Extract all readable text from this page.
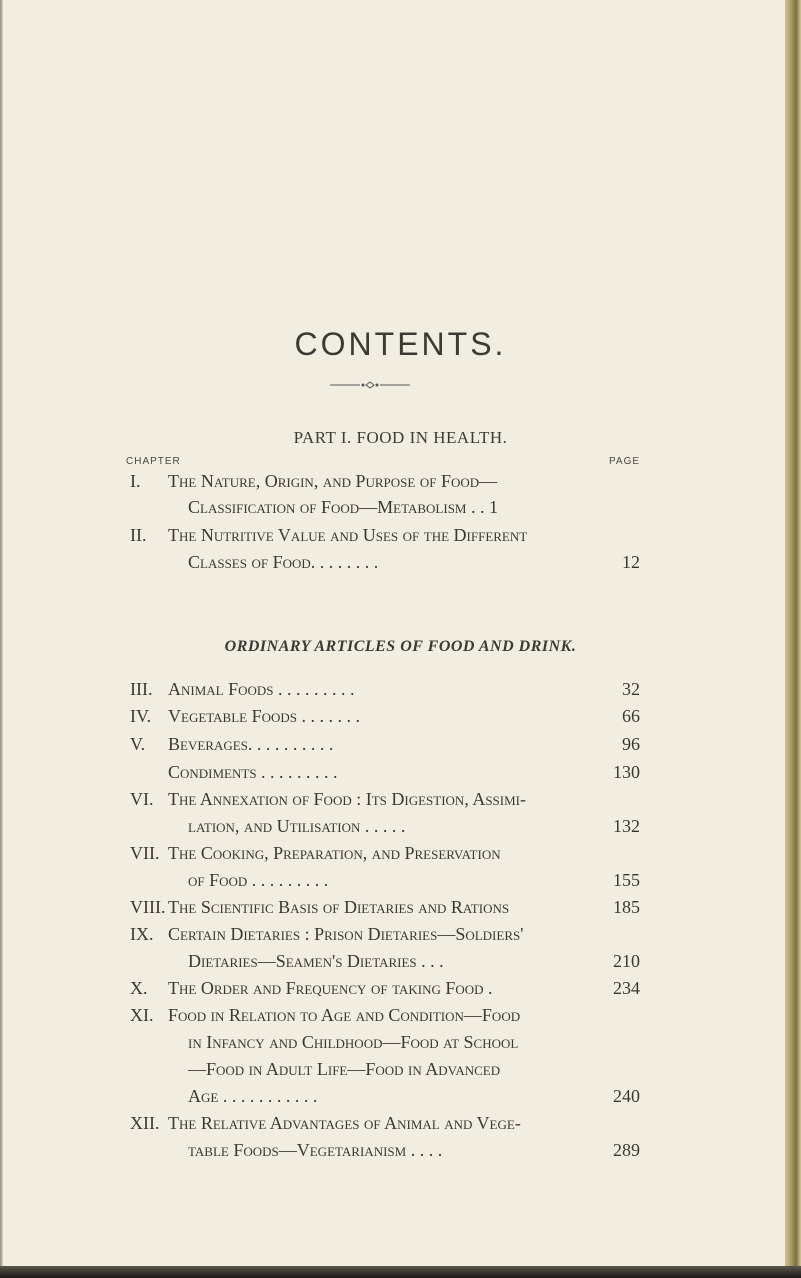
CONTENTS.
PART I. FOOD IN HEALTH.
CHAPTER	PAGE
ORDINARY ARTICLES OF FOOD AND DRINK.
I. The Nature, Origin, and Purpose of Food—
Classification of Food—Metabolism . . 1
II. The Nutritive Value and Uses of the Different
Classes of Food. . . . . . . .	12
III. Animal Foods . . . . . . . . .	32
IV. Vegetable Foods . . . . . . .	66
V. Beverages. . . . . . . . . .	96
Condiments . . . . . . . . .	130
VI. The Annexation of Food : Its Digestion, Assimi-
lation, and Utilisation . . . . .	132
VII. The Cooking, Preparation, and Preservation
of Food . . . . . . . . .	155
VIII. The Scientific Basis of Dietaries and Rations	185
IX. Certain Dietaries : Prison Dietaries—Soldiers'
Dietaries—Seamen's Dietaries . . .	210
X. The Order and Frequency of taking Food .	234
XI. Food in Relation to Age and Condition—Food
in Infancy and Childhood—Food at School
—Food in Adult Life—Food in Advanced
Age . . . . . . . . . . .	240
XII. The Relative Advantages of Animal and Vege-
table Foods—Vegetarianism . . . .	289
